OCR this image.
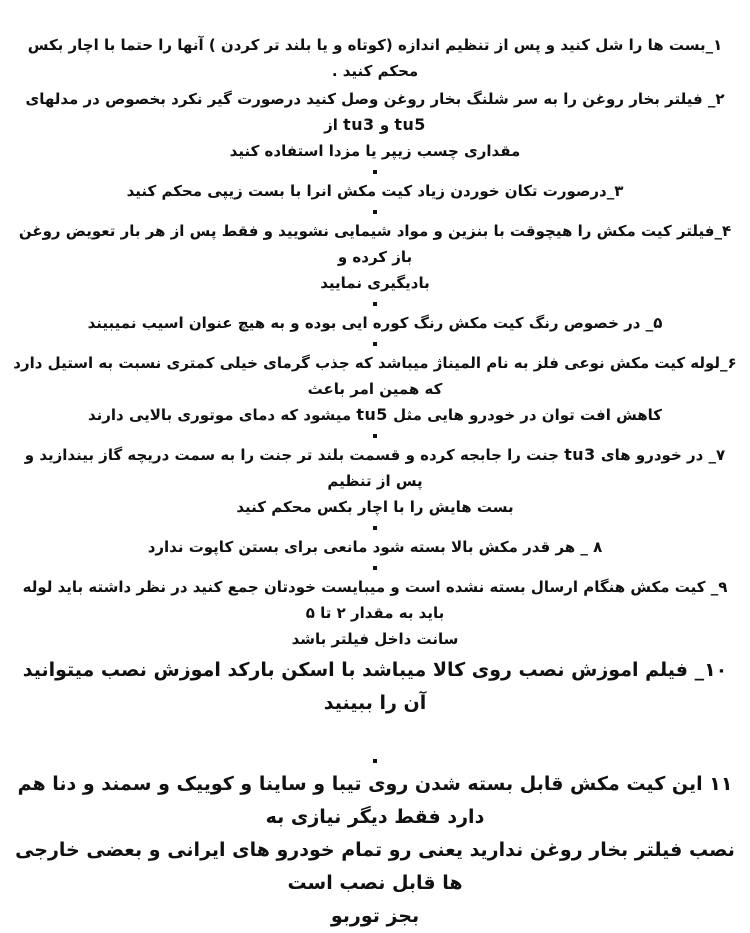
۱_بست ها را شل کنید و پس از تنظیم اندازه (کوتاه و یا بلند تر کردن ) آنها را حتما با اچار بکس محکم کنید .
۲_ فیلتر بخار روغن را به سر شلنگ بخار روغن وصل کنید درصورت گیر نکرد بخصوص در مدلهای tu5 و tu3 از
مقداری چسب زیپر یا مزدا استفاده کنید
۳_درصورت تکان خوردن زیاد کیت مکش انرا با بست زیپی محکم کنید
۴_فیلتر کیت مکش را هیچوقت با بنزین و مواد شیمایی نشویید و فقط پس از هر بار تعویض روغن باز کرده و
بادیگیری نمایید
۵_ در خصوص رنگ کیت مکش رنگ کوره ایی بوده و به هیچ عنوان اسیب نمیبیند
۶_لوله کیت مکش نوعی فلز به نام المیناژ میباشد که جذب گرمای خیلی کمتری نسبت به استیل دارد که همین امر باعث
کاهش افت توان در خودرو هایی مثل tu5 میشود که دمای موتوری بالایی دارند
۷_ در خودرو های tu3 جنت را جابجه کرده و قسمت بلند تر جنت را به سمت دریچه گاز بیندازید و پس از تنظیم
بست هایش را با اچار بکس محکم کنید
۸ _ هر قدر مکش بالا بسته شود مانعی برای بستن کاپوت ندارد
۹_ کیت مکش هنگام ارسال بسته نشده است و میبایست خودتان جمع کنید در نظر داشته باید لوله باید به مقدار ۲ تا ۵
سانت داخل فیلتر باشد
۱۰_ فیلم اموزش نصب روی کالا میباشد با اسکن بارکد اموزش نصب میتوانید آن را ببینید
۱۱ این کیت مکش قابل بسته شدن روی تیبا و ساینا و کوییک و سمند و دنا هم دارد فقط دیگر نیازی به
نصب فیلتر بخار روغن ندارید یعنی رو تمام خودرو های ایرانی و بعضی خارجی ها قابل نصب است
بجز توربو
